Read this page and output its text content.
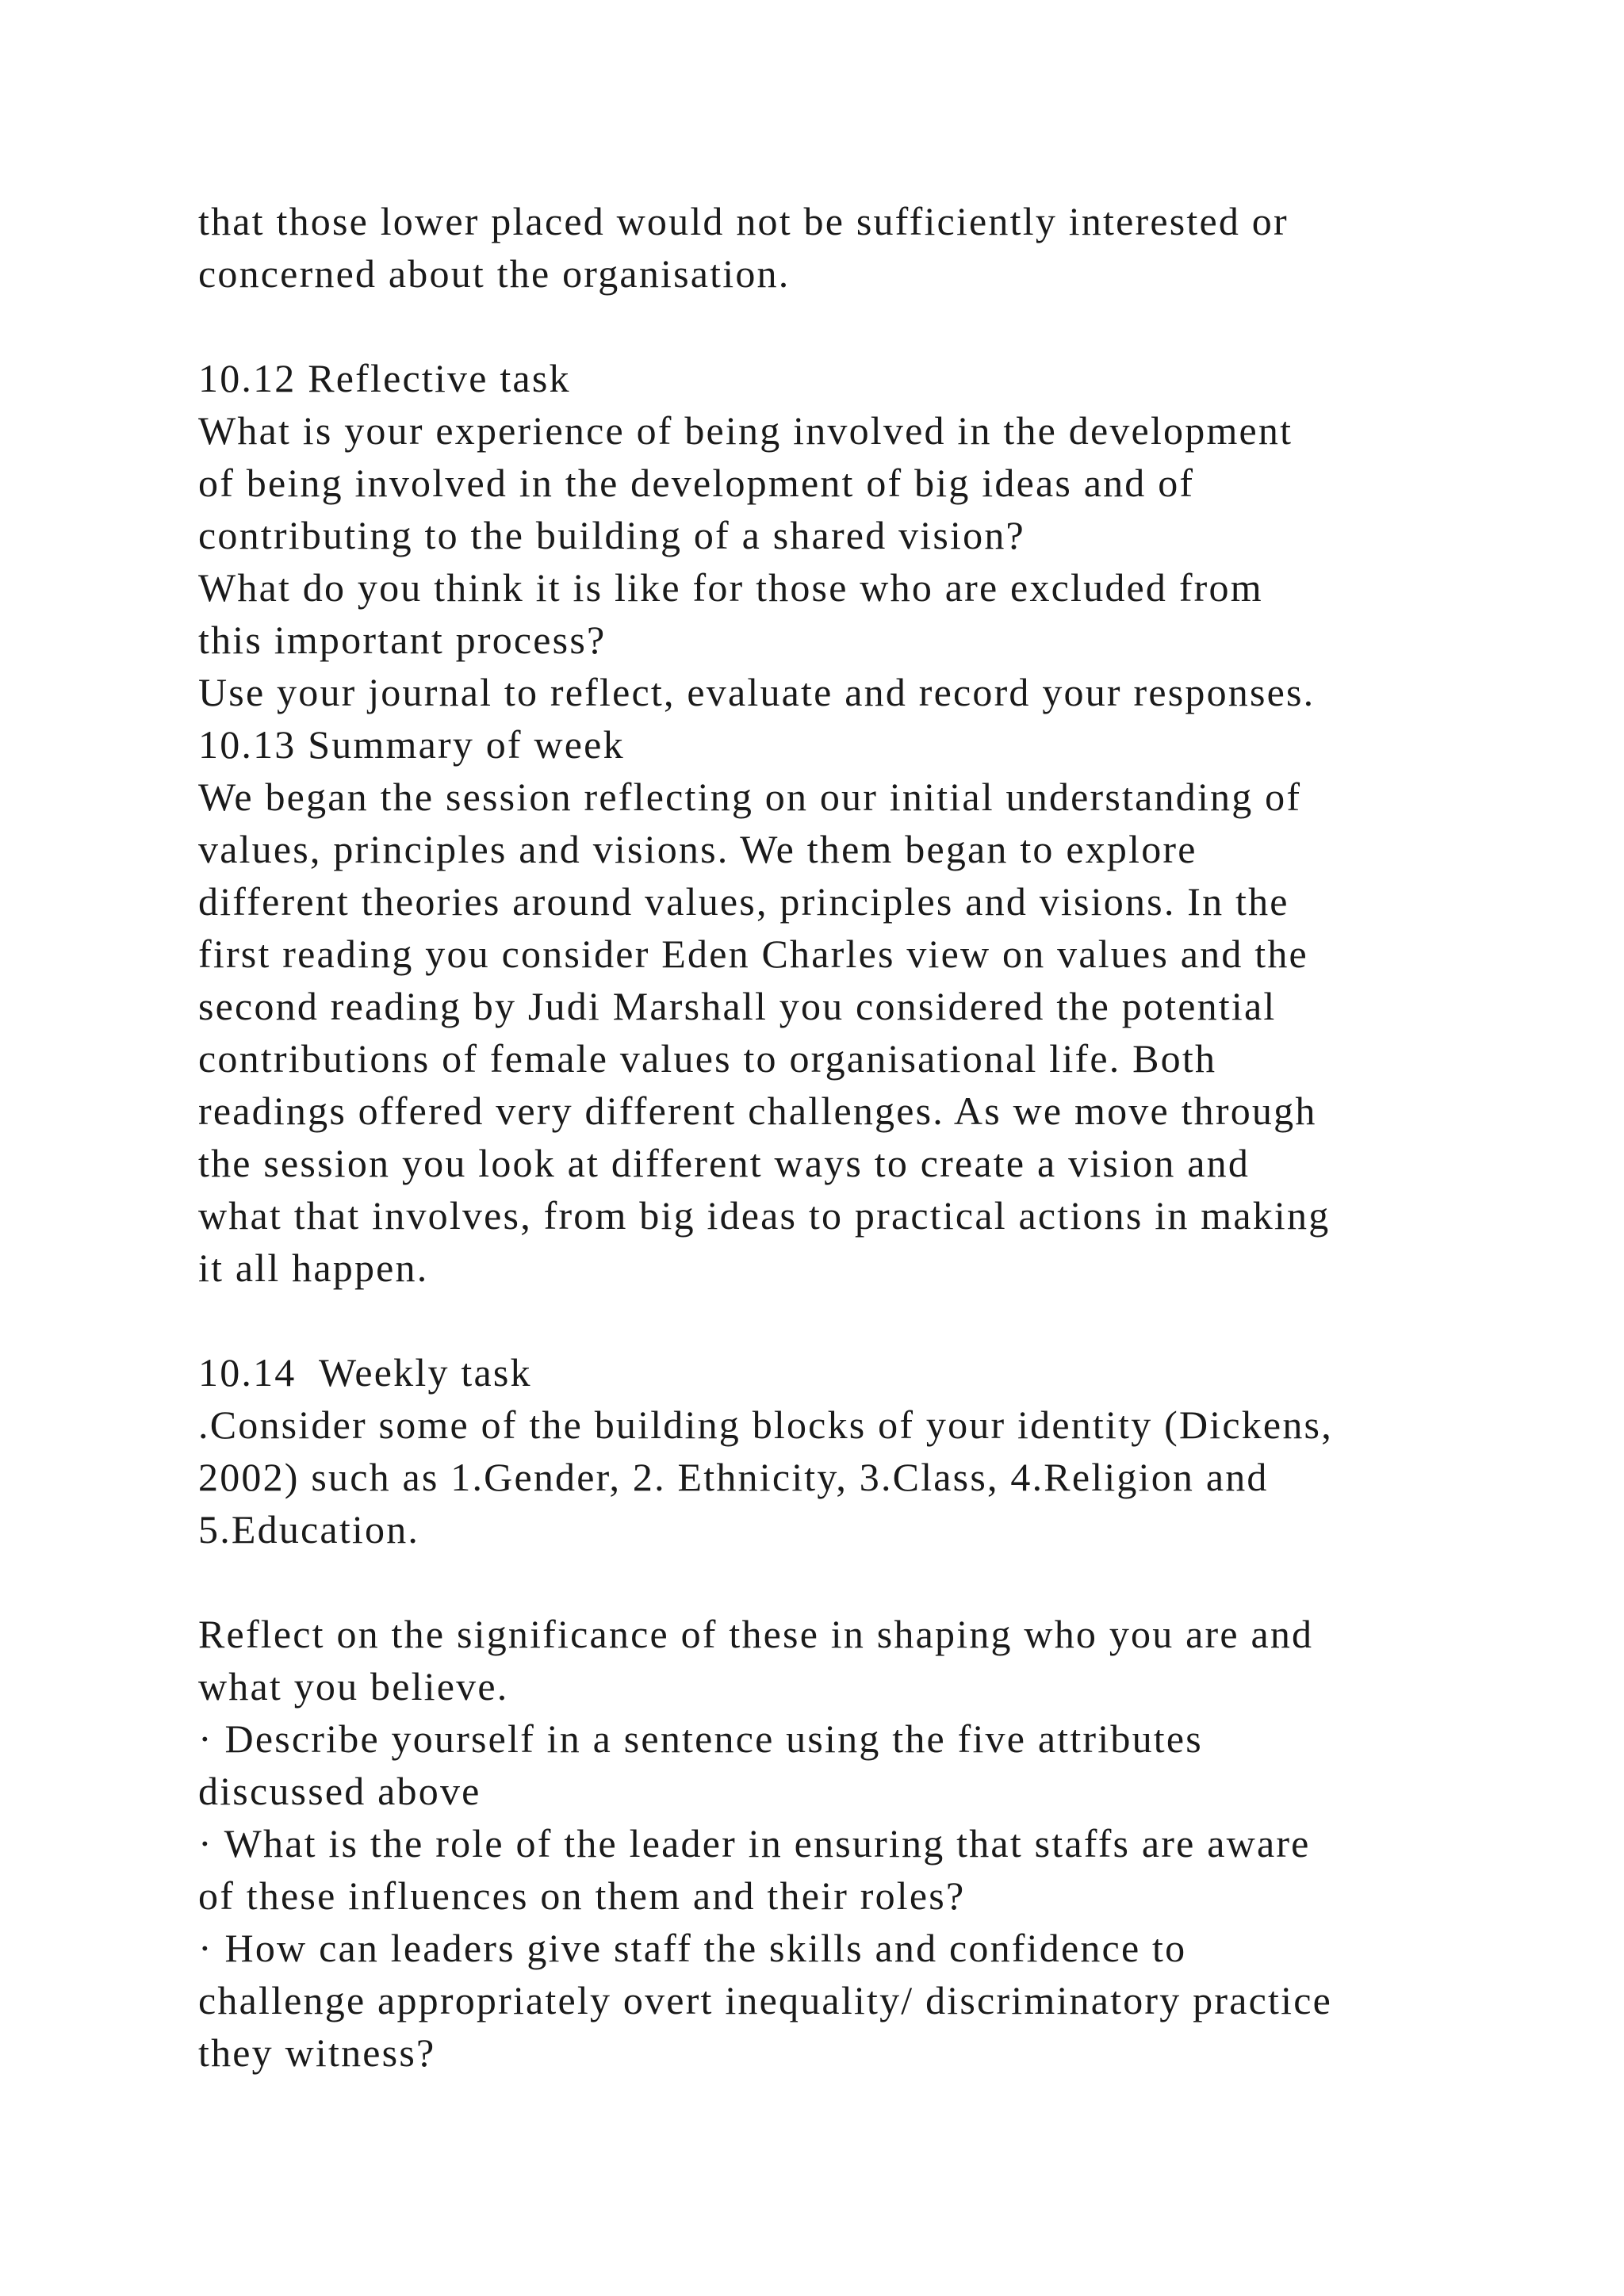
that those lower placed would not be sufficiently interested or
concerned about the organisation.
10.12 Reflective task
What is your experience of being involved in the development
of being involved in the development of big ideas and of
contributing to the building of a shared vision?
What do you think it is like for those who are excluded from
this important process?
Use your journal to reflect, evaluate and record your responses.
10.13 Summary of week
We began the session reflecting on our initial understanding of
values, principles and visions. We them began to explore
different theories around values, principles and visions. In the
first reading you consider Eden Charles view on values and the
second reading by Judi Marshall you considered the potential
contributions of female values to organisational life. Both
readings offered very different challenges. As we move through
the session you look at different ways to create a vision and
what that involves, from big ideas to practical actions in making
it all happen.
10.14  Weekly task
.Consider some of the building blocks of your identity (Dickens,
2002) such as 1.Gender, 2. Ethnicity, 3.Class, 4.Religion and
5.Education.
Reflect on the significance of these in shaping who you are and
what you believe.
· Describe yourself in a sentence using the five attributes
discussed above
· What is the role of the leader in ensuring that staffs are aware
of these influences on them and their roles?
· How can leaders give staff the skills and confidence to
challenge appropriately overt inequality/ discriminatory practice
they witness?
